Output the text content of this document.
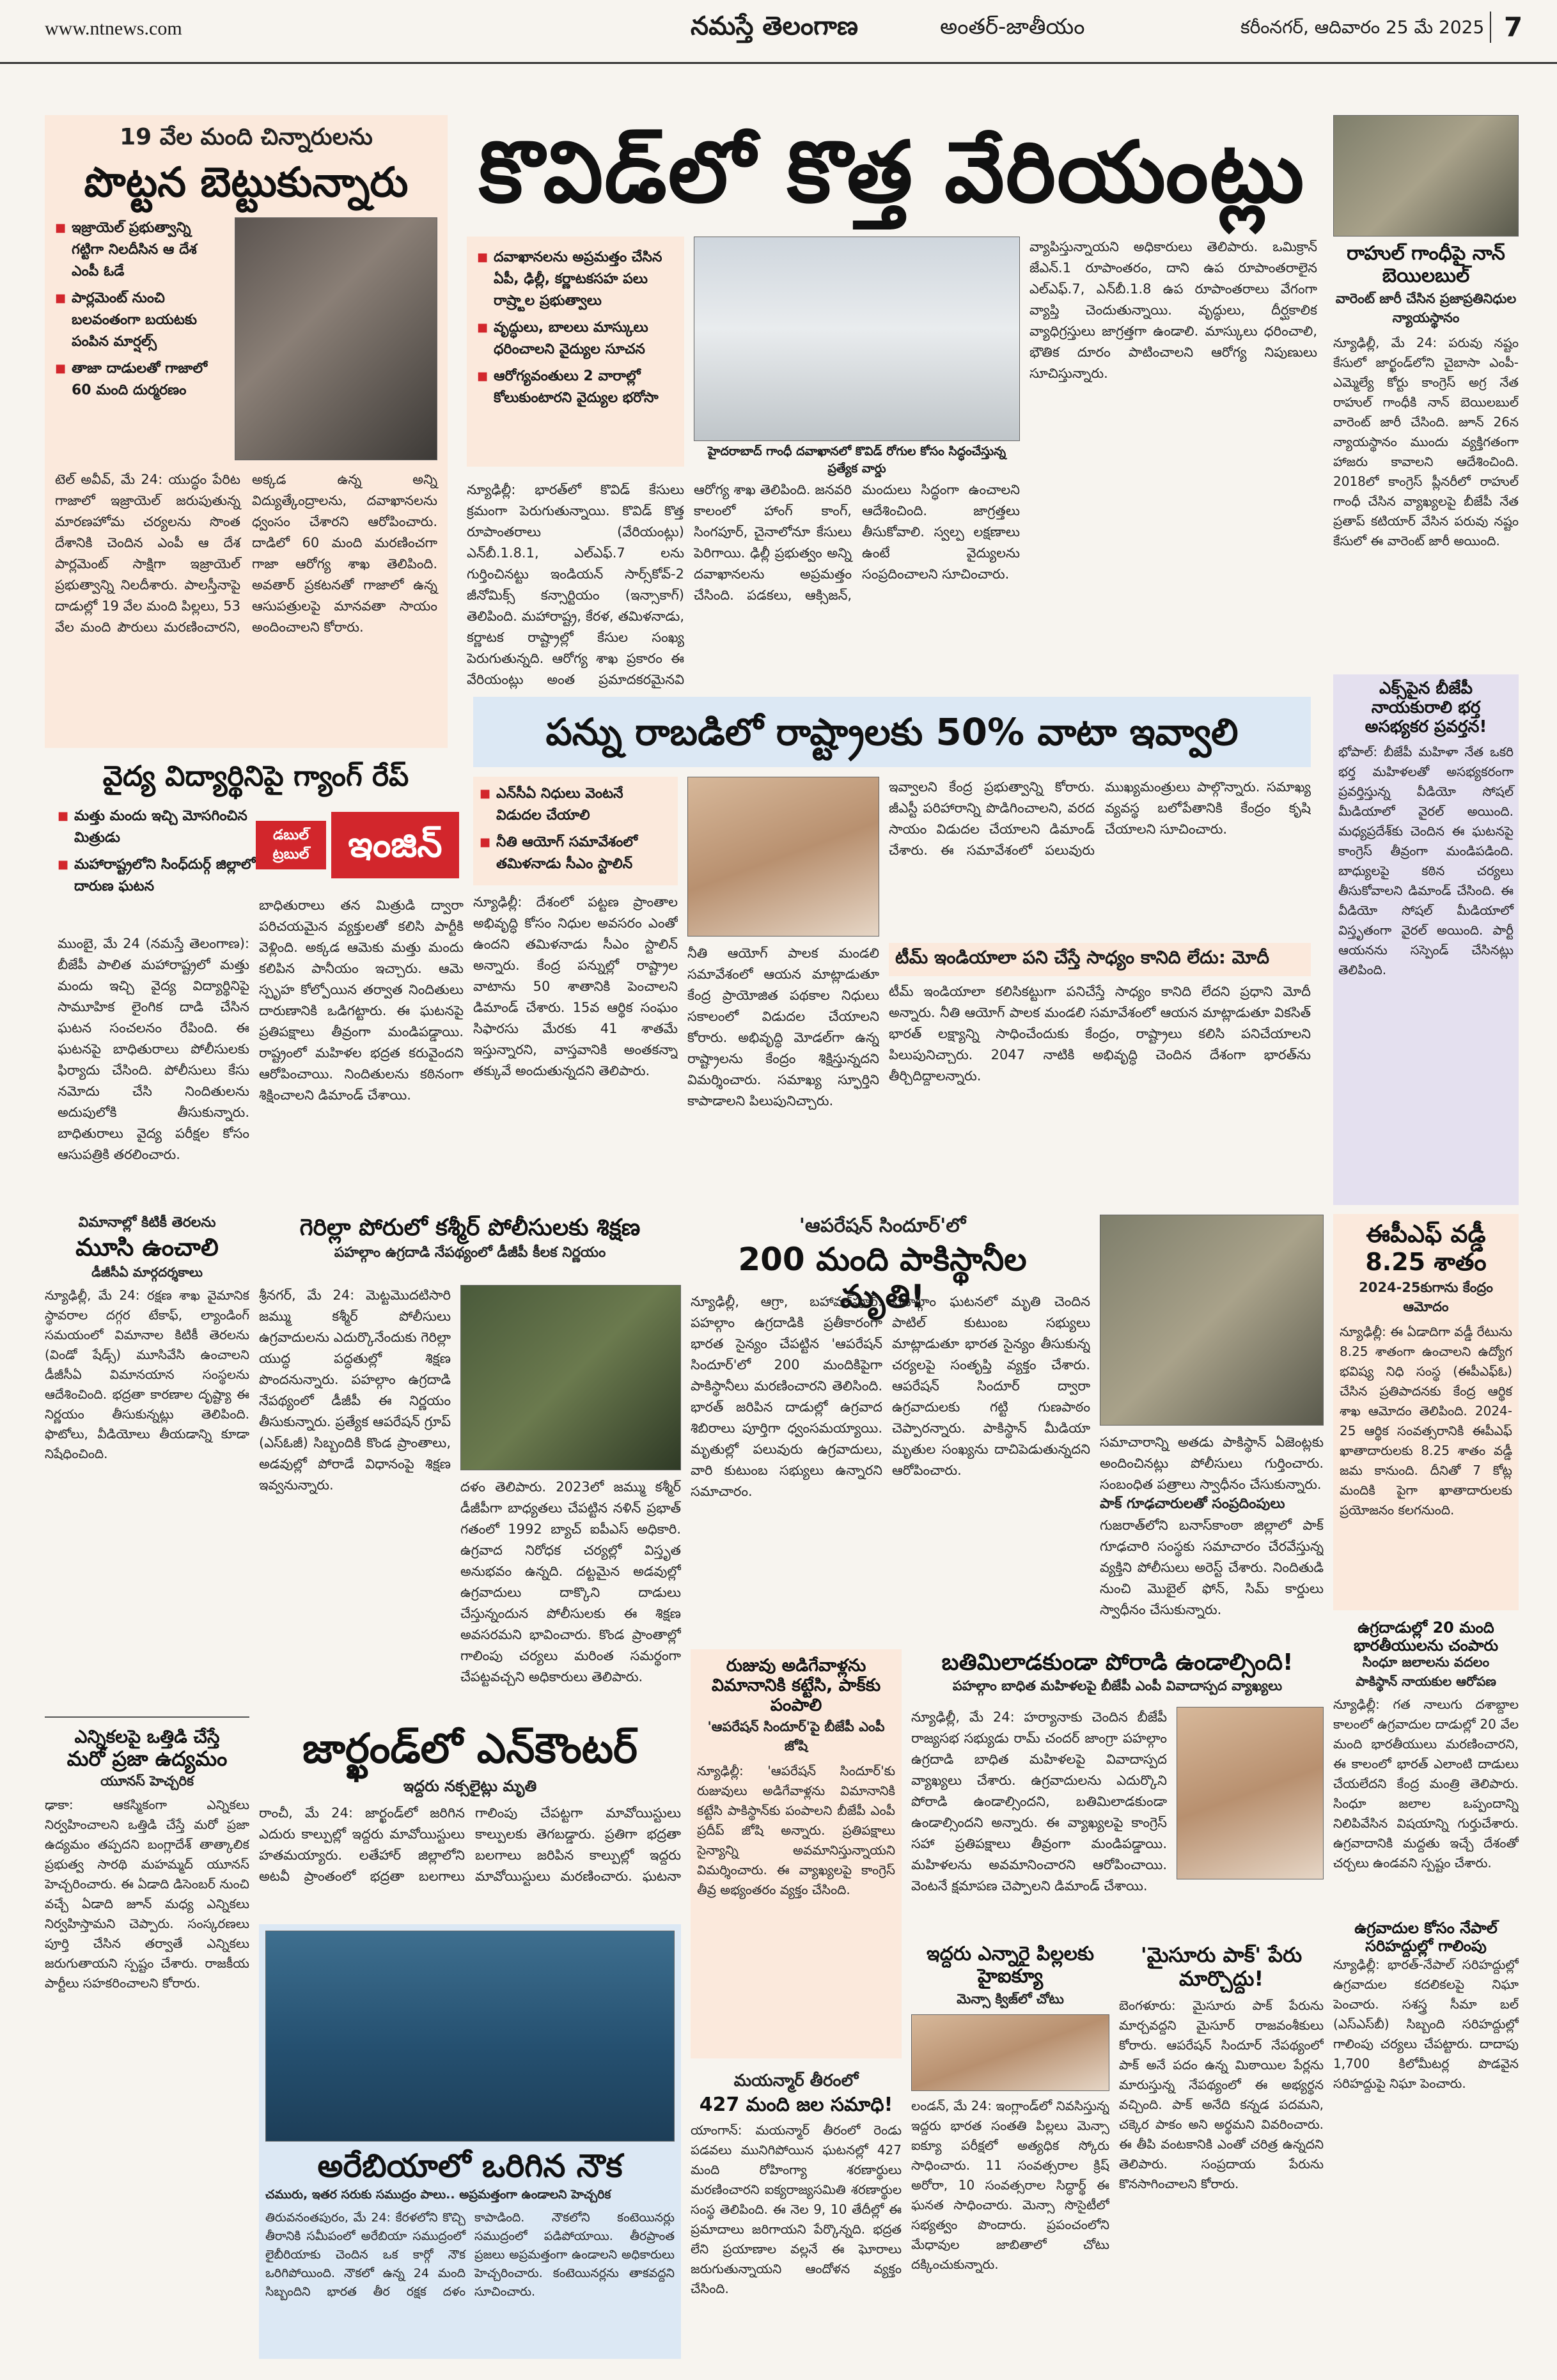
www.ntnews.com	నమస్తే తెలంగాణ	అంతర్-జాతీయం	కరీంనగర్, ఆదివారం 25 మే 2025 7
19 వేల మంది చిన్నారులను
పొట్టన బెట్టుకున్నారు
■ ఇజ్రాయెల్ ప్రభుత్వాన్ని గట్టిగా నిలదీసిన ఆ దేశ ఎంపీ ఓడే
■ పార్లమెంట్ నుంచి బలవంతంగా బయటకు పంపిన మార్షల్స్
■ తాజా దాడులతో గాజాలో 60 మంది దుర్మరణం
టెల్ అవీవ్, మే 24: యుద్ధం పేరిట గాజాలో ఇజ్రాయెల్ జరుపుతున్న మారణహోమ చర్యలను సొంత దేశానికి చెందిన ఎంపీ ఆ దేశ పార్లమెంట్ సాక్షిగా ఇజ్రాయెల్ ప్రభుత్వాన్ని నిలదీశారు. పాలస్తీనాపై దాడుల్లో 19 వేల మంది పిల్లలు, 53 వేల మంది పౌరులు మరణించారని, అక్కడ ఉన్న అన్ని విద్యుత్కేంద్రాలను, దవాఖానలను ధ్వంసం చేశారని ఆరోపించారు. దాడిలో 60 మంది మరణించగా గాజా ఆరోగ్య శాఖ తెలిపింది. అవతార్ ప్రకటనతో గాజాలో ఉన్న ఆసుపత్రులపై మానవతా సాయం అందించాలని కోరారు.
కొవిడ్‌లో కొత్త వేరియంట్లు
■ దవాఖానలను అప్రమత్తం చేసిన ఏపీ, ఢిల్లీ, కర్ణాటకసహ పలు రాష్ర్టాల ప్రభుత్వాలు
■ వృద్ధులు, బాలలు మాస్కులు ధరించాలని వైద్యుల సూచన
■ ఆరోగ్యవంతులు 2 వారాల్లో కోలుకుంటారని వైద్యుల భరోసా
హైదరాబాద్ గాంధీ దవాఖానలో కొవిడ్ రోగుల కోసం సిద్ధంచేస్తున్న ప్రత్యేక వార్డు
వ్యాపిస్తున్నాయని అధికారులు తెలిపారు. ఒమిక్రాన్ జేఎన్.1 రూపాంతరం, దాని ఉప రూపాంతరాలైన ఎల్‌ఎఫ్.7, ఎన్‌బీ.1.8 ఉప రూపాంతరాలు వేగంగా వ్యాప్తి చెందుతున్నాయి. వృద్ధులు, దీర్ఘకాలిక వ్యాధిగ్రస్తులు జాగ్రత్తగా ఉండాలి. మాస్కులు ధరించాలి, భౌతిక దూరం పాటించాలని ఆరోగ్య నిపుణులు సూచిస్తున్నారు.
న్యూఢిల్లీ: భారత్‌లో కొవిడ్ కేసులు క్రమంగా పెరుగుతున్నాయి. కొవిడ్ కొత్త రూపాంతరాలు (వేరియంట్లు) ఎన్‌బీ.1.8.1, ఎల్‌ఎఫ్.7 లను గుర్తించినట్టు ఇండియన్ సార్స్‌కోవ్-2 జీనోమిక్స్ కన్సార్టియం (ఇన్సాకాగ్) తెలిపింది. మహారాష్ట్ర, కేరళ, తమిళనాడు, కర్ణాటక రాష్ట్రాల్లో కేసుల సంఖ్య పెరుగుతున్నది. ఆరోగ్య శాఖ ప్రకారం ఈ వేరియంట్లు అంత ప్రమాదకరమైనవి
ఆరోగ్య శాఖ తెలిపింది. జనవరి కాలంలో హాంగ్ కాంగ్, సింగపూర్, చైనాలోనూ కేసులు పెరిగాయి. ఢిల్లీ ప్రభుత్వం అన్ని దవాఖానలను అప్రమత్తం చేసింది. పడకలు, ఆక్సిజన్, మందులు సిద్ధంగా ఉంచాలని ఆదేశించింది. జాగ్రత్తలు తీసుకోవాలి. స్వల్ప లక్షణాలు ఉంటే వైద్యులను సంప్రదించాలని సూచించారు.
పన్ను రాబడిలో రాష్ట్రాలకు 50% వాటా ఇవ్వాలి
■ ఎన్‌సీఏ నిధులు వెంటనే విడుదల చేయాలి
■ నీతి ఆయోగ్ సమావేశంలో తమిళనాడు సీఎం స్టాలిన్
న్యూఢిల్లీ: దేశంలో పట్టణ ప్రాంతాల అభివృద్ధి కోసం నిధుల అవసరం ఎంతో ఉందని తమిళనాడు సీఎం స్టాలిన్ అన్నారు. కేంద్ర పన్నుల్లో రాష్ట్రాల వాటాను 50 శాతానికి పెంచాలని డిమాండ్ చేశారు. 15వ ఆర్థిక సంఘం సిఫారసు మేరకు 41 శాతమే ఇస్తున్నారని, వాస్తవానికి అంతకన్నా తక్కువే అందుతున్నదని తెలిపారు.
నీతి ఆయోగ్ పాలక మండలి సమావేశంలో ఆయన మాట్లాడుతూ కేంద్ర ప్రాయోజిత పథకాల నిధులు సకాలంలో విడుదల చేయాలని కోరారు. అభివృద్ధి మోడల్‌గా ఉన్న రాష్ట్రాలను కేంద్రం శిక్షిస్తున్నదని విమర్శించారు. సమాఖ్య స్ఫూర్తిని కాపాడాలని పిలుపునిచ్చారు.
ఇవ్వాలని కేంద్ర ప్రభుత్వాన్ని కోరారు. జీఎస్టీ పరిహారాన్ని పొడిగించాలని, వరద సాయం విడుదల చేయాలని డిమాండ్ చేశారు. ఈ సమావేశంలో పలువురు ముఖ్యమంత్రులు పాల్గొన్నారు. సమాఖ్య వ్యవస్థ బలోపేతానికి కేంద్రం కృషి చేయాలని సూచించారు.
టీమ్ ఇండియాలా పని చేస్తే సాధ్యం కానిది లేదు: మోదీ
టీమ్ ఇండియాలా కలిసికట్టుగా పనిచేస్తే సాధ్యం కానిది లేదని ప్రధాని మోదీ అన్నారు. నీతి ఆయోగ్ పాలక మండలి సమావేశంలో ఆయన మాట్లాడుతూ వికసిత్ భారత్ లక్ష్యాన్ని సాధించేందుకు కేంద్రం, రాష్ట్రాలు కలిసి పనిచేయాలని పిలుపునిచ్చారు. 2047 నాటికి అభివృద్ధి చెందిన దేశంగా భారత్‌ను తీర్చిదిద్దాలన్నారు.
వైద్య విద్యార్థినిపై గ్యాంగ్ రేప్
■ మత్తు మందు ఇచ్చి మోసగించిన మిత్రుడు
■ మహారాష్ట్రలోని సింధ్‌దుర్గ్ జిల్లాలో దారుణ ఘటన
డబుల్ ట్రబుల్	ఇంజిన్
ముంబై, మే 24 (నమస్తే తెలంగాణ): బీజేపీ పాలిత మహారాష్ట్రలో మత్తు మందు ఇచ్చి వైద్య విద్యార్థినిపై సామూహిక లైంగిక దాడి చేసిన ఘటన సంచలనం రేపింది. ఈ ఘటనపై బాధితురాలు పోలీసులకు ఫిర్యాదు చేసింది. పోలీసులు కేసు నమోదు చేసి నిందితులను అదుపులోకి తీసుకున్నారు. బాధితురాలు వైద్య పరీక్షల కోసం ఆసుపత్రికి తరలించారు.
బాధితురాలు తన మిత్రుడి ద్వారా పరిచయమైన వ్యక్తులతో కలిసి పార్టీకి వెళ్లింది. అక్కడ ఆమెకు మత్తు మందు కలిపిన పానీయం ఇచ్చారు. ఆమె స్పృహ కోల్పోయిన తర్వాత నిందితులు దారుణానికి ఒడిగట్టారు. ఈ ఘటనపై ప్రతిపక్షాలు తీవ్రంగా మండిపడ్డాయి. రాష్ట్రంలో మహిళల భద్రత కరువైందని ఆరోపించాయి. నిందితులను కఠినంగా శిక్షించాలని డిమాండ్ చేశాయి.
రాహుల్ గాంధీపై నాన్ బెయిలబుల్
వారెంట్ జారీ చేసిన ప్రజాప్రతినిధుల న్యాయస్థానం
న్యూఢిల్లీ, మే 24: పరువు నష్టం కేసులో జార్ఖండ్‌లోని చైబాసా ఎంపీ-ఎమ్మెల్యే కోర్టు కాంగ్రెస్ అగ్ర నేత రాహుల్ గాంధీకి నాన్ బెయిలబుల్ వారెంట్ జారీ చేసింది. జూన్ 26న న్యాయస్థానం ముందు వ్యక్తిగతంగా హాజరు కావాలని ఆదేశించింది. 2018లో కాంగ్రెస్ ప్లీనరీలో రాహుల్ గాంధీ చేసిన వ్యాఖ్యలపై బీజేపీ నేత ప్రతాప్ కటియార్ వేసిన పరువు నష్టం కేసులో ఈ వారెంట్ జారీ అయింది.
ఎక్స్‌పైన బీజేపీ నాయకురాలి భర్త అసభ్యకర ప్రవర్తన!
భోపాల్: బీజేపీ మహిళా నేత ఒకరి భర్త మహిళలతో అసభ్యకరంగా ప్రవర్తిస్తున్న వీడియో సోషల్ మీడియాలో వైరల్ అయింది. మధ్యప్రదేశ్‌కు చెందిన ఈ ఘటనపై కాంగ్రెస్ తీవ్రంగా మండిపడింది. బాధ్యులపై కఠిన చర్యలు తీసుకోవాలని డిమాండ్ చేసింది. ఈ వీడియో సోషల్ మీడియాలో విస్తృతంగా వైరల్ అయింది. పార్టీ ఆయనను సస్పెండ్ చేసినట్లు తెలిపింది.
ఈపీఎఫ్ వడ్డీ 8.25 శాతం
2024-25కుగాను కేంద్రం ఆమోదం
న్యూఢిల్లీ: ఈ ఏడాదిగా వడ్డీ రేటును 8.25 శాతంగా ఉంచాలని ఉద్యోగ భవిష్య నిధి సంస్థ (ఈపీఎఫ్‌ఓ) చేసిన ప్రతిపాదనకు కేంద్ర ఆర్థిక శాఖ ఆమోదం తెలిపింది. 2024-25 ఆర్థిక సంవత్సరానికి ఈపీఎఫ్ ఖాతాదారులకు 8.25 శాతం వడ్డీ జమ కానుంది. దీనితో 7 కోట్ల మందికి పైగా ఖాతాదారులకు ప్రయోజనం కలగనుంది.
ఉగ్రదాడుల్లో 20 మంది భారతీయులను చంపారు
సింధూ జలాలను వదలం
పాకిస్థాన్ నాయకుల ఆరోపణ
న్యూఢిల్లీ: గత నాలుగు దశాబ్దాల కాలంలో ఉగ్రవాదుల దాడుల్లో 20 వేల మంది భారతీయులు మరణించారని, ఈ కాలంలో భారత్ ఎలాంటి దాడులు చేయలేదని కేంద్ర మంత్రి తెలిపారు. సింధూ జలాల ఒప్పందాన్ని నిలిపివేసిన విషయాన్ని గుర్తుచేశారు. ఉగ్రవాదానికి మద్దతు ఇచ్చే దేశంతో చర్చలు ఉండవని స్పష్టం చేశారు.
ఉగ్రవాదుల కోసం నేపాల్ సరిహద్దుల్లో గాలింపు
న్యూఢిల్లీ: భారత్-నేపాల్ సరిహద్దుల్లో ఉగ్రవాదుల కదలికలపై నిఘా పెంచారు. సశస్త్ర సీమా బల్ (ఎస్ఎస్‌బీ) సిబ్బంది సరిహద్దుల్లో గాలింపు చర్యలు చేపట్టారు. దాదాపు 1,700 కిలోమీటర్ల పొడవైన సరిహద్దుపై నిఘా పెంచారు.
విమానాల్లో కిటికీ తెరలను
మూసి ఉంచాలి
డీజీసీఏ మార్గదర్శకాలు
న్యూఢిల్లీ, మే 24: రక్షణ శాఖ వైమానిక స్థావరాల దగ్గర టేకాఫ్, ల్యాండింగ్ సమయంలో విమానాల కిటికీ తెరలను (విండో షేడ్స్) మూసివేసి ఉంచాలని డీజీసీఏ విమానయాన సంస్థలను ఆదేశించింది. భద్రతా కారణాల దృష్ట్యా ఈ నిర్ణయం తీసుకున్నట్లు తెలిపింది. ఫొటోలు, వీడియోలు తీయడాన్ని కూడా నిషేధించింది.
ఎన్నికలపై ఒత్తిడి చేస్తే
మరో ప్రజా ఉద్యమం
యూనస్ హెచ్చరిక
ఢాకా: ఆకస్మికంగా ఎన్నికలు నిర్వహించాలని ఒత్తిడి చేస్తే మరో ప్రజా ఉద్యమం తప్పదని బంగ్లాదేశ్ తాత్కాలిక ప్రభుత్వ సారథి మహమ్మద్ యూనస్ హెచ్చరించారు. ఈ ఏడాది డిసెంబర్ నుంచి వచ్చే ఏడాది జూన్ మధ్య ఎన్నికలు నిర్వహిస్తామని చెప్పారు. సంస్కరణలు పూర్తి చేసిన తర్వాతే ఎన్నికలు జరుగుతాయని స్పష్టం చేశారు. రాజకీయ పార్టీలు సహకరించాలని కోరారు.
గెరిల్లా పోరులో కశ్మీర్ పోలీసులకు శిక్షణ
పహల్గాం ఉగ్రదాడి నేపథ్యంలో డీజీపీ కీలక నిర్ణయం
శ్రీనగర్, మే 24: మెట్టమొదటిసారి జమ్ము కశ్మీర్ పోలీసులు ఉగ్రవాదులను ఎదుర్కొనేందుకు గెరిల్లా యుద్ధ పద్ధతుల్లో శిక్షణ పొందనున్నారు. పహల్గాం ఉగ్రదాడి నేపథ్యంలో డీజీపీ ఈ నిర్ణయం తీసుకున్నారు. ప్రత్యేక ఆపరేషన్ గ్రూప్ (ఎస్‌ఓజీ) సిబ్బందికి కొండ ప్రాంతాలు, అడవుల్లో పోరాడే విధానంపై శిక్షణ ఇవ్వనున్నారు.	దళం తెలిపారు. 2023లో జమ్ము కశ్మీర్ డీజీపీగా బాధ్యతలు చేపట్టిన నళిన్ ప్రభాత్ గతంలో 1992 బ్యాచ్ ఐపీఎస్ అధికారి. ఉగ్రవాద నిరోధక చర్యల్లో విస్తృత అనుభవం ఉన్నది. దట్టమైన అడవుల్లో ఉగ్రవాదులు దాక్కొని దాడులు చేస్తున్నందున పోలీసులకు ఈ శిక్షణ అవసరమని భావించారు. కొండ ప్రాంతాల్లో గాలింపు చర్యలు మరింత సమర్థంగా చేపట్టవచ్చని అధికారులు తెలిపారు.
జార్ఖండ్‌లో ఎన్‌కౌంటర్
ఇద్దరు నక్సలైట్లు మృతి
రాంచీ, మే 24: జార్ఖండ్‌లో జరిగిన ఎదురు కాల్పుల్లో ఇద్దరు మావోయిస్టులు హతమయ్యారు. లతేహార్ జిల్లాలోని అటవీ ప్రాంతంలో భద్రతా బలగాలు గాలింపు చేపట్టగా మావోయిస్టులు కాల్పులకు తెగబడ్డారు. ప్రతిగా భద్రతా బలగాలు జరిపిన కాల్పుల్లో ఇద్దరు మావోయిస్టులు మరణించారు. ఘటనా
అరేబియాలో ఒరిగిన నౌక
చమురు, ఇతర సరుకు సముద్రం పాలు.. అప్రమత్తంగా ఉండాలని హెచ్చరిక
తిరువనంతపురం, మే 24: కేరళలోని కొచ్చి తీరానికి సమీపంలో అరేబియా సముద్రంలో లైబీరియాకు చెందిన ఒక కార్గో నౌక ఒరిగిపోయింది. నౌకలో ఉన్న 24 మంది సిబ్బందిని భారత తీర రక్షక దళం కాపాడింది. నౌకలోని కంటెయినర్లు సముద్రంలో పడిపోయాయి. తీరప్రాంత ప్రజలు అప్రమత్తంగా ఉండాలని అధికారులు హెచ్చరించారు. కంటెయినర్లను తాకవద్దని సూచించారు.
'ఆపరేషన్ సిందూర్'లో
200 మంది పాకిస్థానీల మృతి!
న్యూఢిల్లీ, ఆగ్రా, బహావల్‌పూర్: పహల్గాం ఉగ్రదాడికి ప్రతీకారంగా భారత సైన్యం చేపట్టిన 'ఆపరేషన్ సిందూర్'లో 200 మందికిపైగా పాకిస్థానీలు మరణించారని తెలిసింది. భారత్ జరిపిన దాడుల్లో ఉగ్రవాద శిబిరాలు పూర్తిగా ధ్వంసమయ్యాయి. మృతుల్లో పలువురు ఉగ్రవాదులు, వారి కుటుంబ సభ్యులు ఉన్నారని సమాచారం.
పహల్గాం ఘటనలో మృతి చెందిన పాటిల్ కుటుంబ సభ్యులు మాట్లాడుతూ భారత సైన్యం తీసుకున్న చర్యలపై సంతృప్తి వ్యక్తం చేశారు. ఆపరేషన్ సిందూర్ ద్వారా ఉగ్రవాదులకు గట్టి గుణపాఠం చెప్పారన్నారు. పాకిస్థాన్ మీడియా మృతుల సంఖ్యను దాచిపెడుతున్నదని ఆరోపించారు.
సమాచారాన్ని అతడు పాకిస్థాన్ ఏజెంట్లకు అందించినట్లు పోలీసులు గుర్తించారు. సంబంధిత పత్రాలు స్వాధీనం చేసుకున్నారు.
పాక్ గూఢచారులతో సంప్రదింపులు
గుజరాత్‌లోని బనాస్‌కాంఠా జిల్లాలో పాక్ గూఢచారి సంస్థకు సమాచారం చేరవేస్తున్న వ్యక్తిని పోలీసులు అరెస్ట్ చేశారు. నిందితుడి నుంచి మొబైల్ ఫోన్, సిమ్ కార్డులు స్వాధీనం చేసుకున్నారు.
రుజువు అడిగేవాళ్లను విమానానికి కట్టేసి, పాక్‌కు పంపాలి
'ఆపరేషన్ సిందూర్'పై బీజేపీ ఎంపీ జోషి
న్యూఢిల్లీ: 'ఆపరేషన్ సిందూర్'కు రుజువులు అడిగేవాళ్లను విమానానికి కట్టేసి పాకిస్థాన్‌కు పంపాలని బీజేపీ ఎంపీ ప్రదీప్ జోషి అన్నారు. ప్రతిపక్షాలు సైన్యాన్ని అవమానిస్తున్నాయని విమర్శించారు. ఈ వ్యాఖ్యలపై కాంగ్రెస్ తీవ్ర అభ్యంతరం వ్యక్తం చేసింది.
బతిమిలాడకుండా పోరాడి ఉండాల్సింది!
పహల్గాం బాధిత మహిళలపై బీజేపీ ఎంపీ వివాదాస్పద వ్యాఖ్యలు
న్యూఢిల్లీ, మే 24: హర్యానాకు చెందిన బీజేపీ రాజ్యసభ సభ్యుడు రామ్ చందర్ జాంగ్రా పహల్గాం ఉగ్రదాడి బాధిత మహిళలపై వివాదాస్పద వ్యాఖ్యలు చేశారు. ఉగ్రవాదులను ఎదుర్కొని పోరాడి ఉండాల్సిందని, బతిమిలాడకుండా ఉండాల్సిందని అన్నారు. ఈ వ్యాఖ్యలపై కాంగ్రెస్ సహా ప్రతిపక్షాలు తీవ్రంగా మండిపడ్డాయి. మహిళలను అవమానించారని ఆరోపించాయి. వెంటనే క్షమాపణ చెప్పాలని డిమాండ్ చేశాయి.
మయన్మార్ తీరంలో
427 మంది జల సమాధి!
యాంగాన్: మయన్మార్ తీరంలో రెండు పడవలు మునిగిపోయిన ఘటనల్లో 427 మంది రోహింగ్యా శరణార్థులు మరణించారని ఐక్యరాజ్యసమితి శరణార్థుల సంస్థ తెలిపింది. ఈ నెల 9, 10 తేదీల్లో ఈ ప్రమాదాలు జరిగాయని పేర్కొన్నది. భద్రత లేని ప్రయాణాల వల్లనే ఈ ఘోరాలు జరుగుతున్నాయని ఆందోళన వ్యక్తం చేసింది.
ఇద్దరు ఎన్నారై పిల్లలకు హైఐక్యూ
మెన్సా క్విజ్‌లో చోటు
లండన్, మే 24: ఇంగ్లాండ్‌లో నివసిస్తున్న ఇద్దరు భారత సంతతి పిల్లలు మెన్సా ఐక్యూ పరీక్షలో అత్యధిక స్కోరు సాధించారు. 11 సంవత్సరాల క్రిష్ అరోరా, 10 సంవత్సరాల సిద్ధార్థ్ ఈ ఘనత సాధించారు. మెన్సా సొసైటీలో సభ్యత్వం పొందారు. ప్రపంచంలోని మేధావుల జాబితాలో చోటు దక్కించుకున్నారు.
'మైసూరు పాక్' పేరు మార్చొద్దు!
బెంగళూరు: మైసూరు పాక్ పేరును మార్చవద్దని మైసూర్ రాజవంశీకులు కోరారు. ఆపరేషన్ సిందూర్ నేపథ్యంలో పాక్ అనే పదం ఉన్న మిఠాయిల పేర్లను మారుస్తున్న నేపథ్యంలో ఈ అభ్యర్థన వచ్చింది. పాక్ అనేది కన్నడ పదమని, చక్కెర పాకం అని అర్థమని వివరించారు. ఈ తీపి వంటకానికి ఎంతో చరిత్ర ఉన్నదని తెలిపారు. సంప్రదాయ పేరును కొనసాగించాలని కోరారు.
